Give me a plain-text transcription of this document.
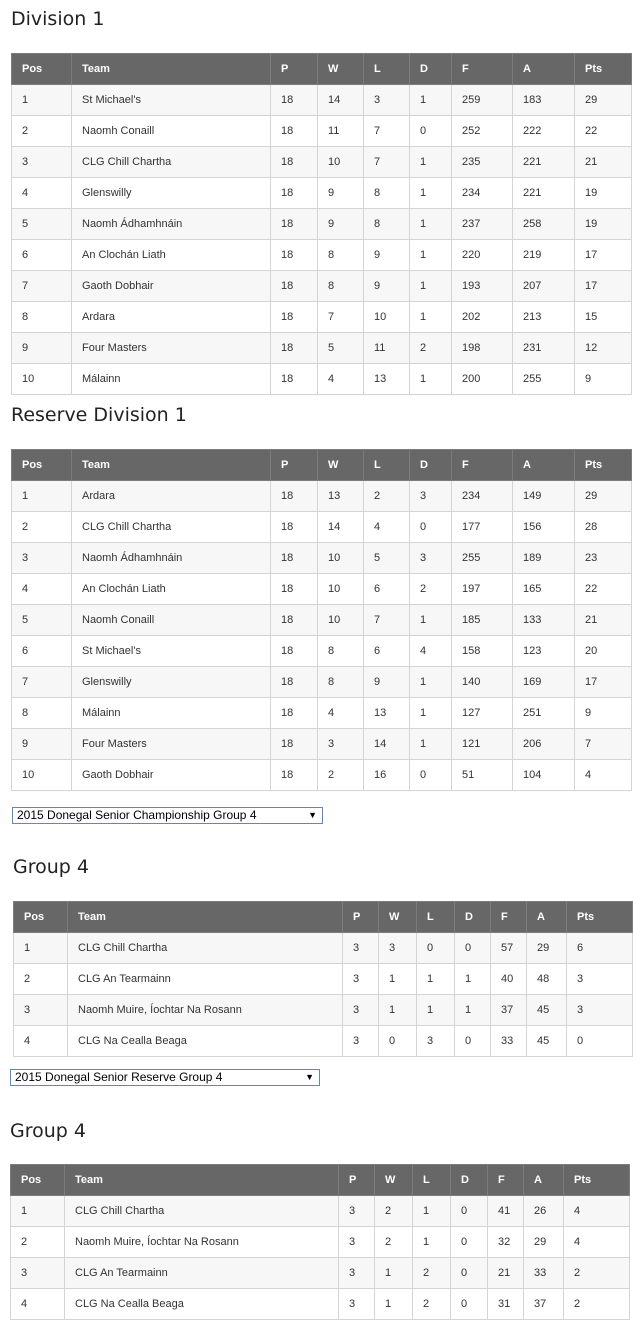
Division 1
Pos	Team	P	W	L	D	F	A	Pts
1	St Michael's	18	14	3	1	259	183	29
2	Naomh Conaill	18	11	7	0	252	222	22
3	CLG Chill Chartha	18	10	7	1	235	221	21
4	Glenswilly	18	9	8	1	234	221	19
5	Naomh Ádhamhnáin	18	9	8	1	237	258	19
6	An Clochán Liath	18	8	9	1	220	219	17
7	Gaoth Dobhair	18	8	9	1	193	207	17
8	Ardara	18	7	10	1	202	213	15
9	Four Masters	18	5	11	2	198	231	12
10	Málainn	18	4	13	1	200	255	9
Reserve Division 1
Pos	Team	P	W	L	D	F	A	Pts
1	Ardara	18	13	2	3	234	149	29
2	CLG Chill Chartha	18	14	4	0	177	156	28
3	Naomh Ádhamhnáin	18	10	5	3	255	189	23
4	An Clochán Liath	18	10	6	2	197	165	22
5	Naomh Conaill	18	10	7	1	185	133	21
6	St Michael's	18	8	6	4	158	123	20
7	Glenswilly	18	8	9	1	140	169	17
8	Málainn	18	4	13	1	127	251	9
9	Four Masters	18	3	14	1	121	206	7
10	Gaoth Dobhair	18	2	16	0	51	104	4
2015 Donegal Senior Championship Group 4	▼
Group 4
Pos	Team	P	W	L	D	F	A	Pts
1	CLG Chill Chartha	3	3	0	0	57	29	6
2	CLG An Tearmainn	3	1	1	1	40	48	3
3	Naomh Muire, Íochtar Na Rosann	3	1	1	1	37	45	3
4	CLG Na Cealla Beaga	3	0	3	0	33	45	0
2015 Donegal Senior Reserve Group 4	▼
Group 4
Pos	Team	P	W	L	D	F	A	Pts
1	CLG Chill Chartha	3	2	1	0	41	26	4
2	Naomh Muire, Íochtar Na Rosann	3	2	1	0	32	29	4
3	CLG An Tearmainn	3	1	2	0	21	33	2
4	CLG Na Cealla Beaga	3	1	2	0	31	37	2
